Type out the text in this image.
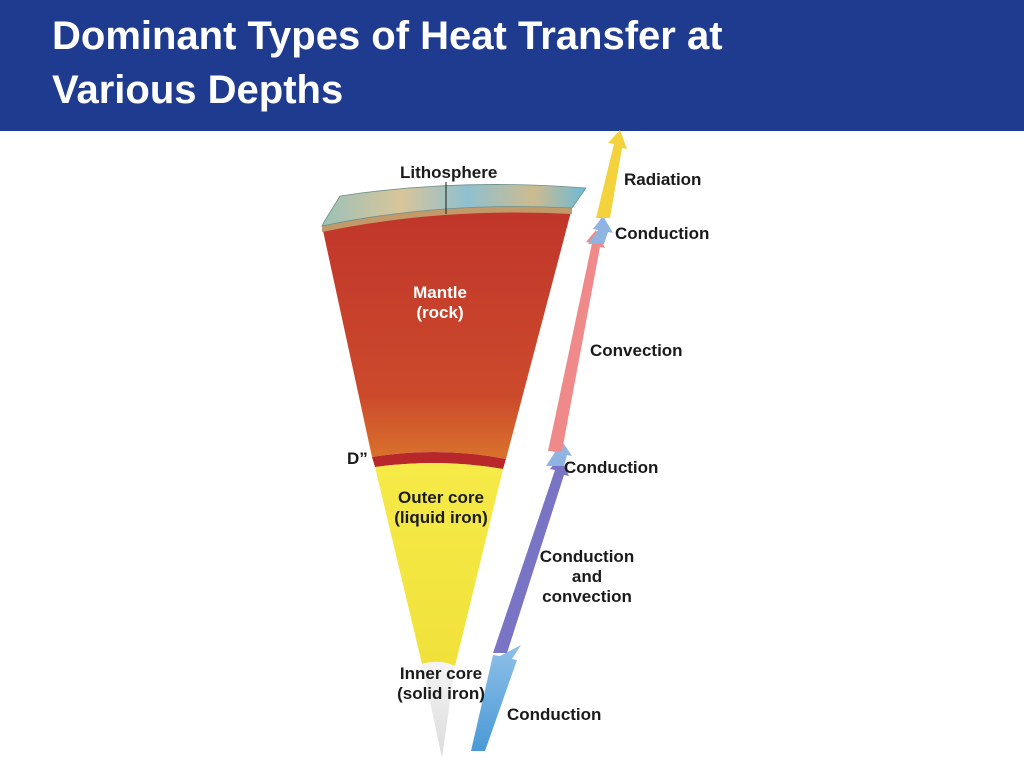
Dominant Types of Heat Transfer at
Various Depths
Lithosphere
Mantle
(rock)
D”
Outer core
(liquid iron)
Inner core
(solid iron)
Radiation
Conduction
Convection
Conduction
Conduction
and
convection
Conduction
